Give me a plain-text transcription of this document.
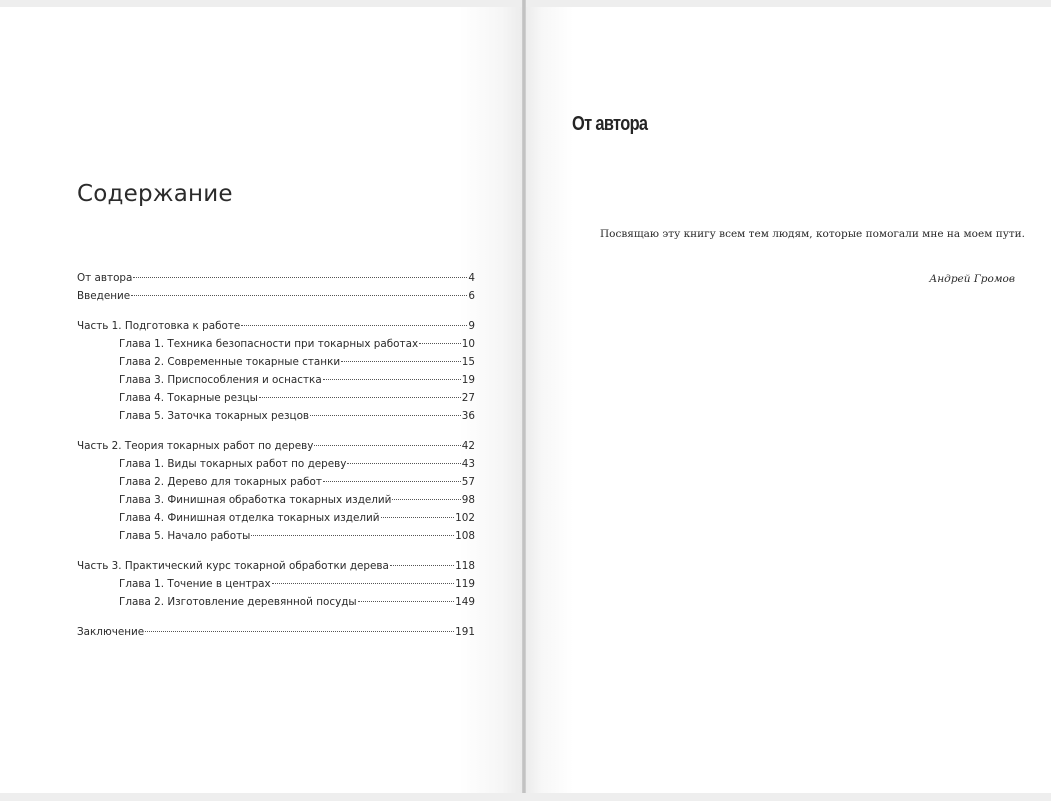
Содержание
От автора	4
Введение	6
Часть 1. Подготовка к работе	9
Глава 1. Техника безопасности при токарных работах	10
Глава 2. Современные токарные станки	15
Глава 3. Приспособления и оснастка	19
Глава 4. Токарные резцы	27
Глава 5. Заточка токарных резцов	36
Часть 2. Теория токарных работ по дереву	42
Глава 1. Виды токарных работ по дереву	43
Глава 2. Дерево для токарных работ	57
Глава 3. Финишная обработка токарных изделий	98
Глава 4. Финишная отделка токарных изделий	102
Глава 5. Начало работы	108
Часть 3. Практический курс токарной обработки дерева	118
Глава 1. Точение в центрах	119
Глава 2. Изготовление деревянной посуды	149
Заключение	191
От автора

Посвящаю эту книгу всем тем людям, которые помогали мне на моем пути.

Андрей Громов
